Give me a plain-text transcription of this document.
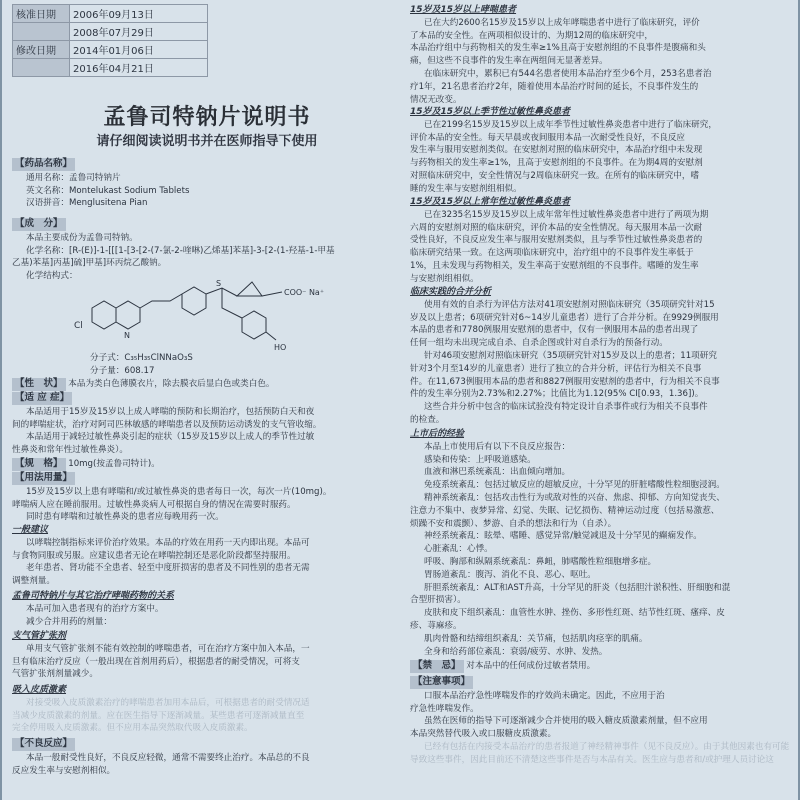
核准日期	2006年09月13日
	2008年07月29日
修改日期	2014年01月06日
	2016年04月21日
孟鲁司特钠片说明书
请仔细阅读说明书并在医师指导下使用
【药品名称】
通用名称：孟鲁司特钠片
英文名称：Montelukast Sodium Tablets
汉语拼音：Menglusitena Pian
【成　分】
本品主要成份为孟鲁司特钠。
化学名称：[R-(E)]-1-[[[1-[3-[2-(7-氯-2-喹啉)乙烯基]苯基]-3-[2-(1-羟基-1-甲基
乙基)苯基]丙基]硫]甲基]环丙烷乙酸钠。
化学结构式：
Cl
N
S
COO⁻ Na⁺
HO
分子式：C₃₅H₃₅ClNNaO₃S
分子量：608.17
【性　状】 本品为类白色薄膜衣片，除去膜衣后显白色或类白色。
【适 应 症】
本品适用于15岁及15岁以上成人哮喘的预防和长期治疗，包括预防白天和夜
间的哮喘症状，治疗对阿司匹林敏感的哮喘患者以及预防运动诱发的支气管收缩。
本品适用于减轻过敏性鼻炎引起的症状（15岁及15岁以上成人的季节性过敏
性鼻炎和常年性过敏性鼻炎）。
【规　格】 10mg(按孟鲁司特计)。
【用法用量】
15岁及15岁以上患有哮喘和/或过敏性鼻炎的患者每日一次，每次一片(10mg)。
哮喘病人应在睡前服用。过敏性鼻炎病人可根据自身的情况在需要时服药。
同时患有哮喘和过敏性鼻炎的患者应每晚用药一次。
一般建议
以哮喘控制指标来评价治疗效果。本品的疗效在用药一天内即出现。本品可
与食物同服或另服。应建议患者无论在哮喘控制还是恶化阶段都坚持服用。
老年患者、肾功能不全患者、轻至中度肝损害的患者及不同性别的患者无需
调整剂量。
孟鲁司特钠片与其它治疗哮喘药物的关系
本品可加入患者现有的治疗方案中。
减少合并用药的剂量：
支气管扩张剂
单用支气管扩张剂不能有效控制的哮喘患者，可在治疗方案中加入本品，一
旦有临床治疗反应（一般出现在首剂用药后），根据患者的耐受情况，可将支
气管扩张剂剂量减少。
吸入皮质激素
对接受吸入皮质激素治疗的哮喘患者加用本品后，可根据患者的耐受情况适
当减少皮质激素的剂量。应在医生指导下逐渐减量。某些患者可逐渐减量直至
完全停用吸入皮质激素。但不应用本品突然取代吸入皮质激素。
【不良反应】
本品一般耐受性良好，不良反应轻微，通常不需要终止治疗。本品总的不良
反应发生率与安慰剂相似。
15岁及15岁以上哮喘患者
已在大约2600名15岁及15岁以上成年哮喘患者中进行了临床研究，评价
了本品的安全性。在两项相似设计的、为期12周的临床研究中，
本品治疗组中与药物相关的发生率≥1%且高于安慰剂组的不良事件是腹痛和头
痛，但这些不良事件的发生率在两组间无显著差异。
在临床研究中，累积已有544名患者使用本品治疗至少6个月，253名患者治
疗1年，21名患者治疗2年，随着使用本品治疗时间的延长，不良事件发生的
情况无改变。
15岁及15岁以上季节性过敏性鼻炎患者
已在2199名15岁及15岁以上成年季节性过敏性鼻炎患者中进行了临床研究，
评价本品的安全性。每天早晨或夜间服用本品一次耐受性良好，不良反应
发生率与服用安慰剂类似。在安慰剂对照的临床研究中，本品治疗组中未发现
与药物相关的发生率≥1%，且高于安慰剂组的不良事件。在为期4周的安慰剂
对照临床研究中，安全性情况与2周临床研究一致。在所有的临床研究中，嗜
睡的发生率与安慰剂组相似。
15岁及15岁以上常年性过敏性鼻炎患者
已在3235名15岁及15岁以上成年常年性过敏性鼻炎患者中进行了两项为期
六周的安慰剂对照的临床研究，评价本品的安全性情况。每天服用本品一次耐
受性良好，不良反应发生率与服用安慰剂类似，且与季节性过敏性鼻炎患者的
临床研究结果一致。在这两项临床研究中，治疗组中的不良事件发生率低于
1%，且未发现与药物相关，发生率高于安慰剂组的不良事件。嗜睡的发生率
与安慰剂组相似。
临床实践的合并分析
使用有效的自杀行为评估方法对41项安慰剂对照临床研究（35项研究针对15
岁及以上患者；6项研究针对6~14岁儿童患者）进行了合并分析。在9929例服用
本品的患者和7780例服用安慰剂的患者中，仅有一例服用本品的患者出现了
任何一组均未出现完成自杀、自杀企图或针对自杀行为的预备行动。
针对46项安慰剂对照临床研究（35项研究针对15岁及以上的患者；11项研究
针对3个月至14岁的儿童患者）进行了独立的合并分析，评估行为相关不良事
件。在11,673例服用本品的患者和8827例服用安慰剂的患者中，行为相关不良事
件的发生率分别为2.73%和2.27%；比值比为1.12(95% CI[0.93，1.36])。
这些合并分析中包含的临床试验没有特定设计自杀事件或行为相关不良事件
的检查。
上市后的经验
本品上市使用后有以下不良反应报告：
感染和传染：上呼吸道感染。
血液和淋巴系统紊乱：出血倾向增加。
免疫系统紊乱：包括过敏反应的超敏反应，十分罕见的肝脏嗜酸性粒细胞浸润。
精神系统紊乱：包括攻击性行为或敌对性的兴奋、焦虑、抑郁、方向知觉丧失、
注意力不集中、夜梦异常、幻觉、失眠、记忆损伤、精神运动过度（包括易激惹、
烦躁不安和震颤）、梦游、自杀的想法和行为（自杀）。
神经系统紊乱：眩晕、嗜睡、感觉异常/触觉减退及十分罕见的癫痫发作。
心脏紊乱：心悸。
呼吸、胸部和纵隔系统紊乱：鼻衄，肺嗜酸性粒细胞增多症。
胃肠道紊乱：腹泻、消化不良、恶心、呕吐。
肝胆系统紊乱：ALT和AST升高，十分罕见的肝炎（包括胆汁淤积性、肝细胞和混
合型肝损害）。
皮肤和皮下组织紊乱：血管性水肿、挫伤、多形性红斑、结节性红斑、瘙痒、皮
疹、荨麻疹。
肌肉骨骼和结缔组织紊乱：关节痛，包括肌肉痉挛的肌痛。
全身和给药部位紊乱：衰弱/疲劳、水肿、发热。
【禁　忌】 对本品中的任何成份过敏者禁用。
【注意事项】
口服本品治疗急性哮喘发作的疗效尚未确定。因此，不应用于治
疗急性哮喘发作。
虽然在医师的指导下可逐渐减少合并使用的吸入糖皮质激素剂量，但不应用
本品突然替代吸入或口服糖皮质激素。
已经有包括在内接受本品治疗的患者报道了神经精神事件（见不良反应）。由于其他因素也有可能
导致这些事件，因此目前还不清楚这些事件是否与本品有关。医生应与患者和/或护理人员讨论这
